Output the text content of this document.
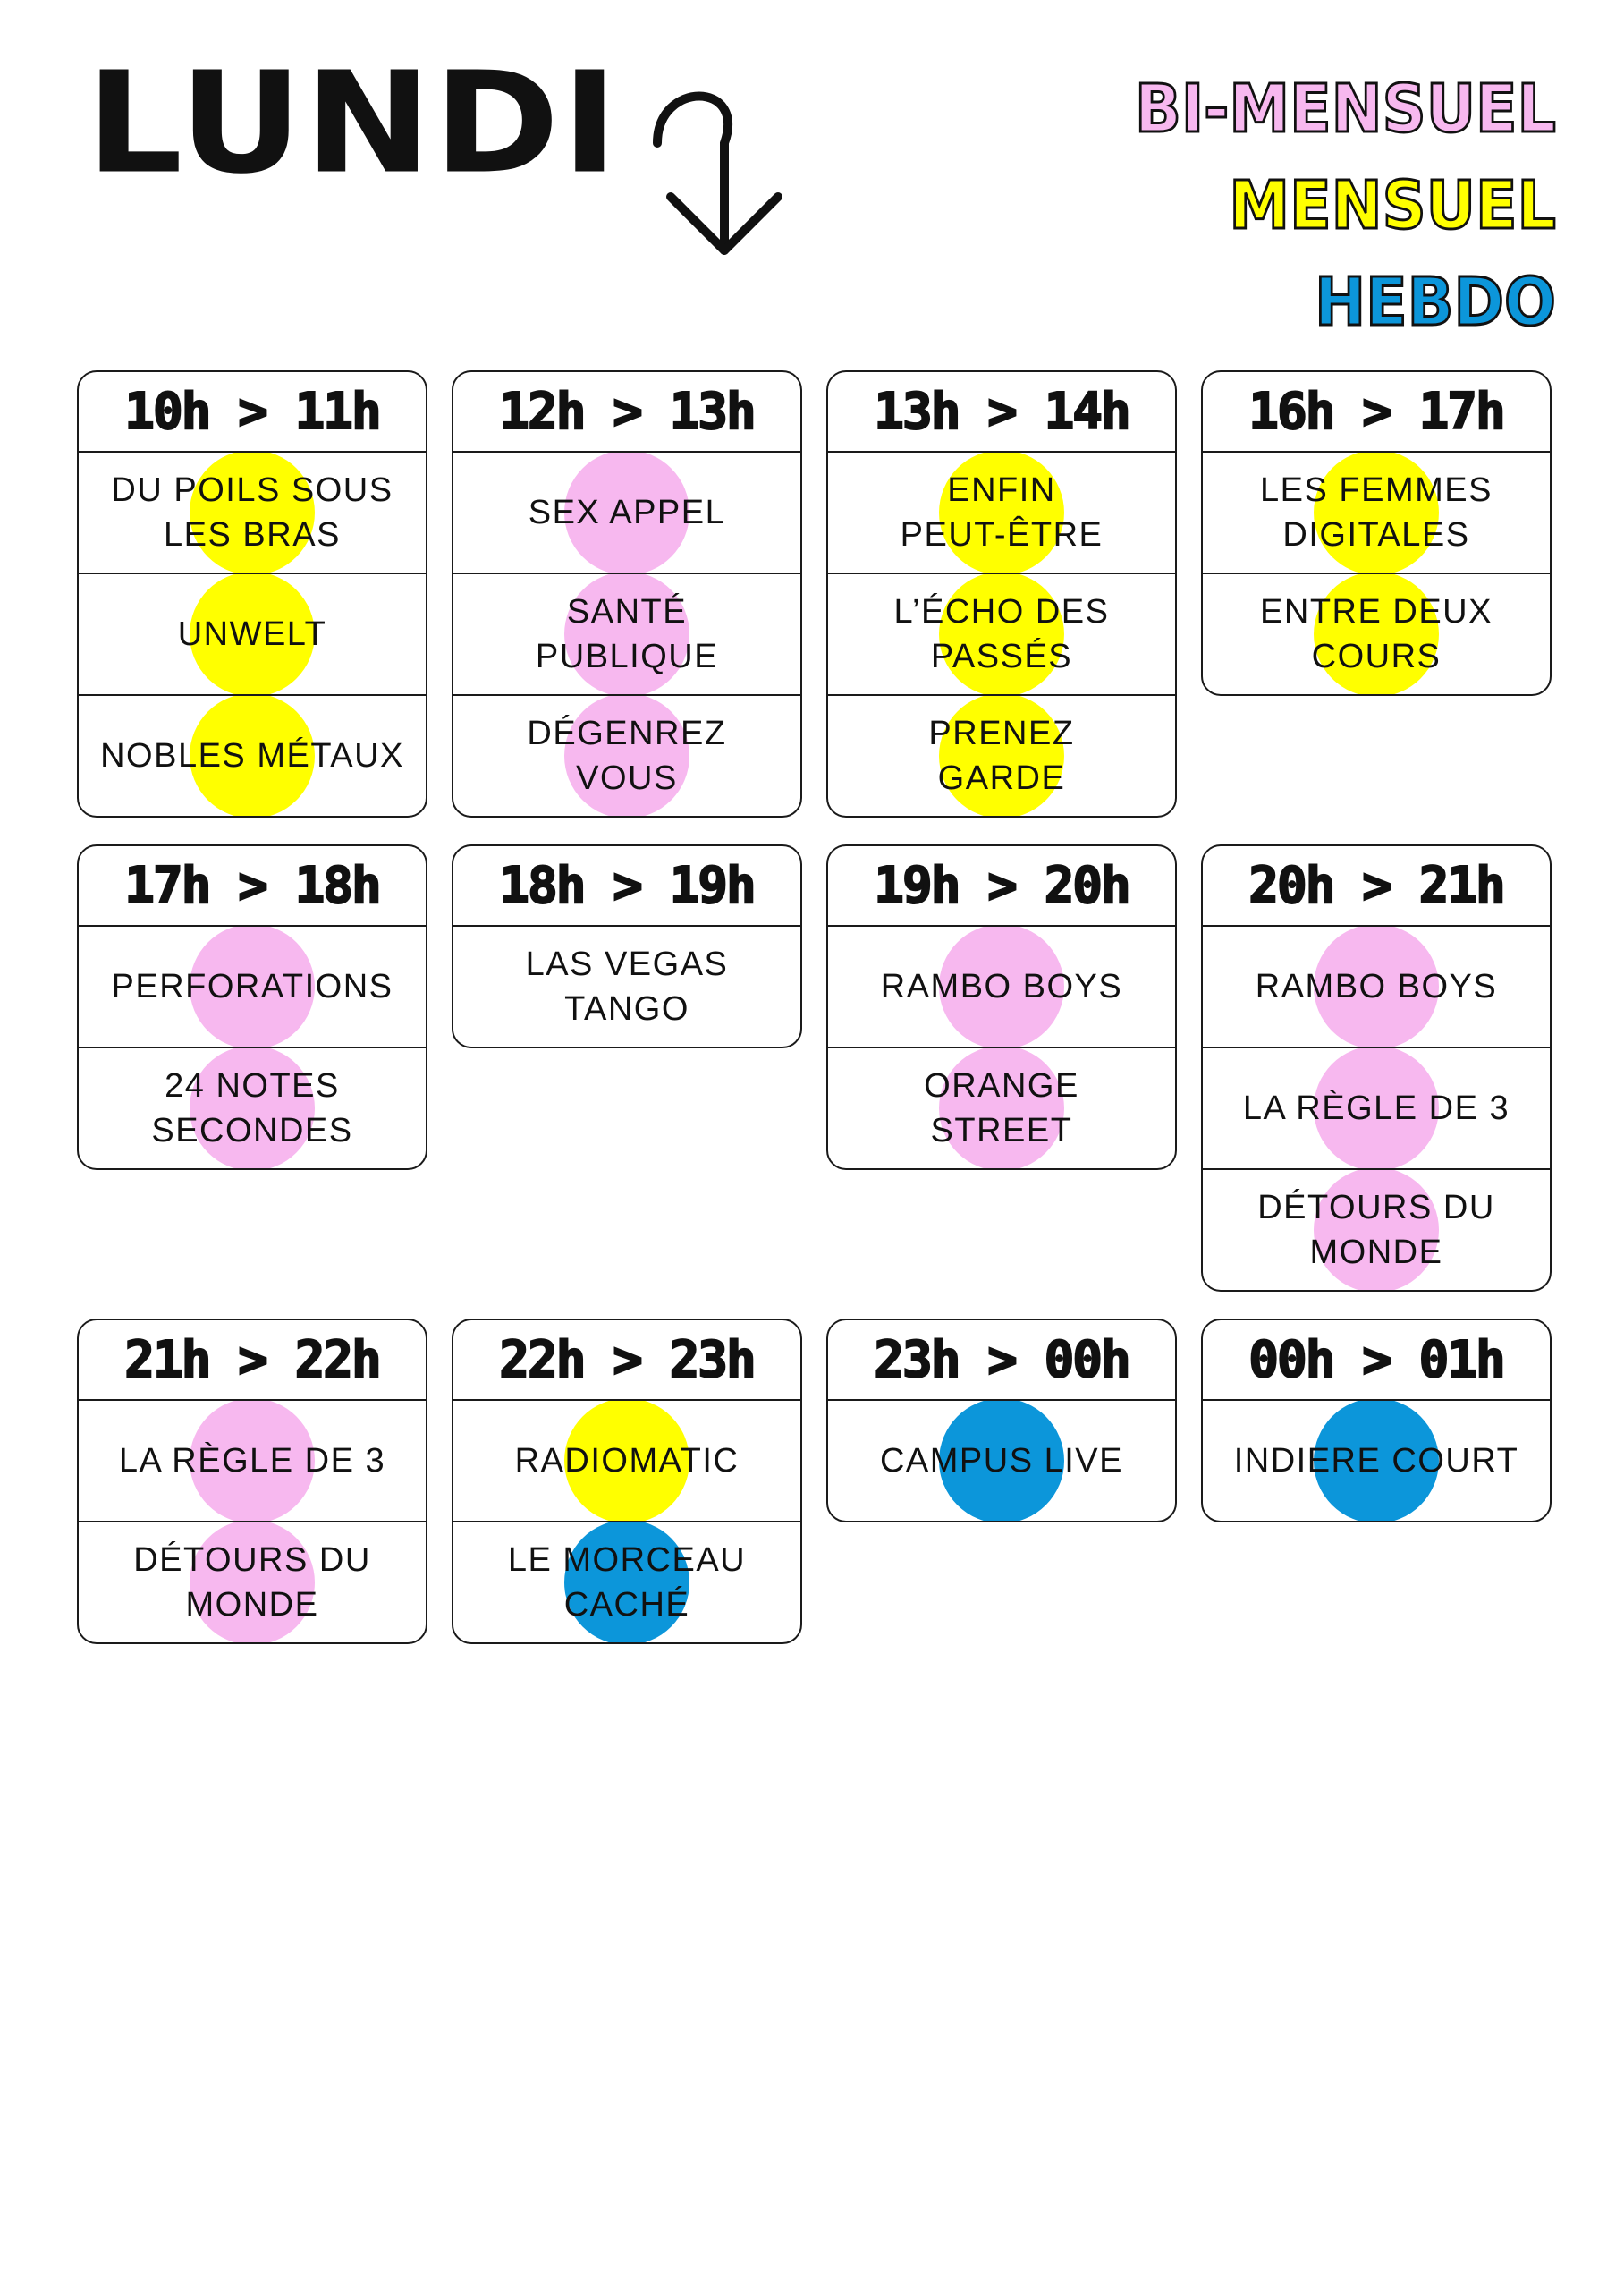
LUNDI	BI-MENSUEL
MENSUEL
HEBDO
10h > 11h
DU POILS SOUS
LES BRAS
UNWELT
NOBLES MÉTAUX
12h > 13h
SEX APPEL
SANTÉ
PUBLIQUE
DÉGENREZ
VOUS
13h > 14h
ENFIN
PEUT-ÊTRE
L’ÉCHO DES
PASSÉS
PRENEZ
GARDE
16h > 17h
LES FEMMES
DIGITALES
ENTRE DEUX
COURS
17h > 18h
PERFORATIONS
24 NOTES
SECONDES
18h > 19h
LAS VEGAS
TANGO
19h > 20h
RAMBO BOYS
ORANGE
STREET
20h > 21h
RAMBO BOYS
LA RÈGLE DE 3
DÉTOURS DU
MONDE
21h > 22h
LA RÈGLE DE 3
DÉTOURS DU
MONDE
22h > 23h
RADIOMATIC
LE MORCEAU
CACHÉ
23h > 00h
CAMPUS LIVE
00h > 01h
INDIERE COURT
